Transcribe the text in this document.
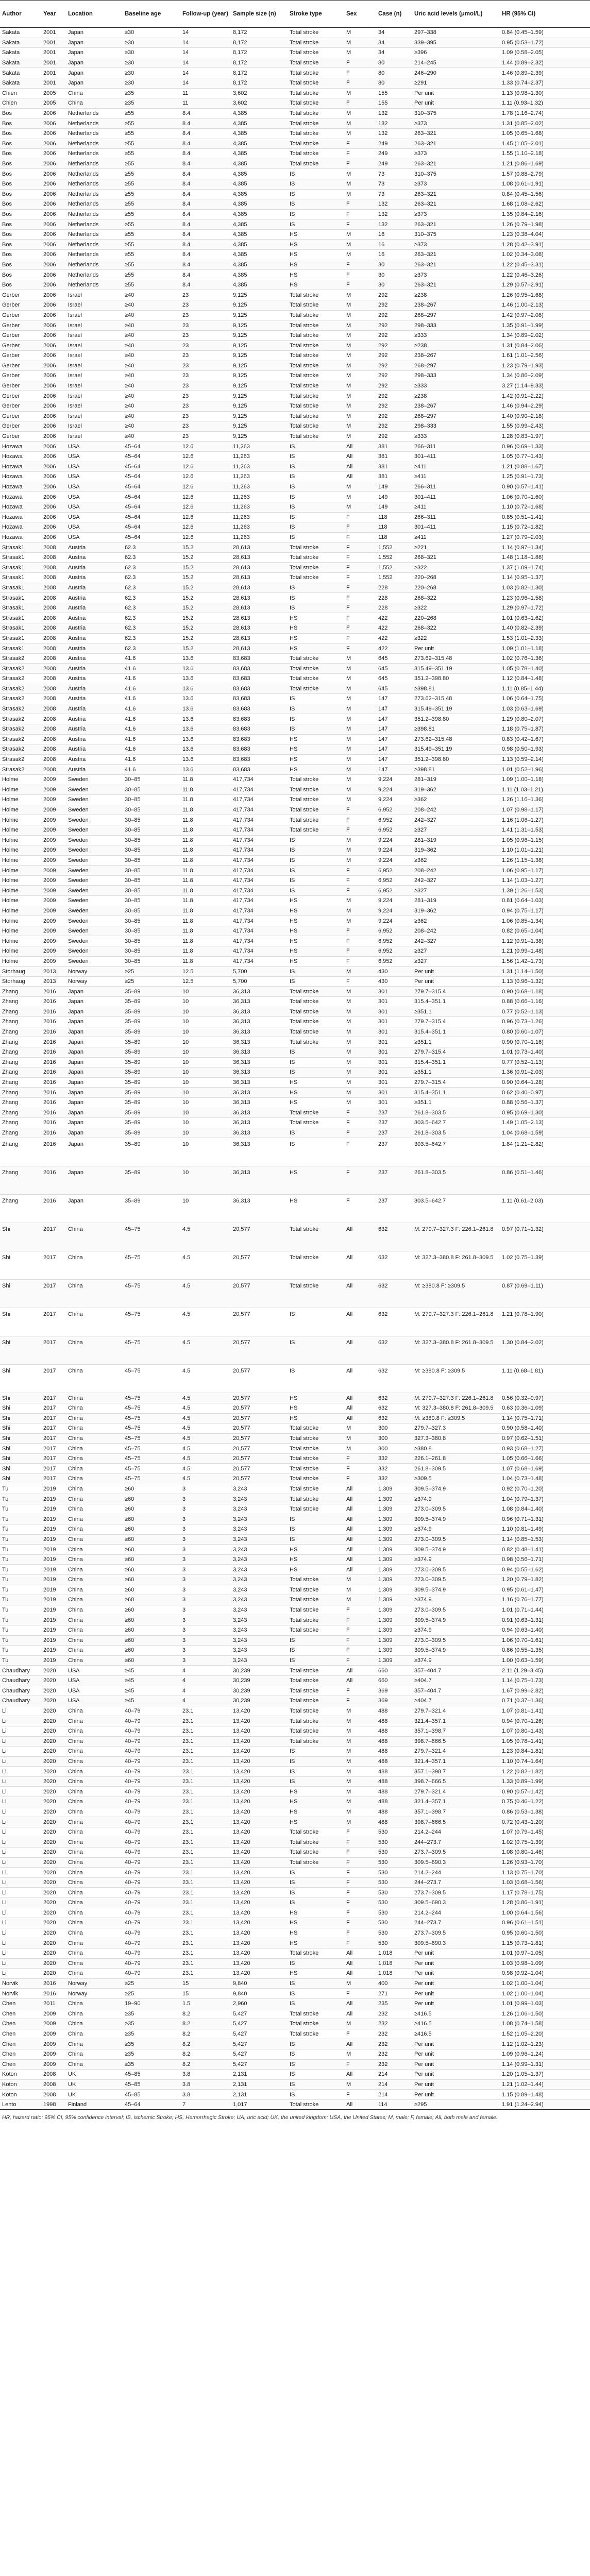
Author	Year	Location	Baseline age	Follow-up (year)	Sample size (n)	Stroke type	Sex	Case (n)	Uric acid levels (μmol/L)	HR (95% CI)
Sakata	2001	Japan	≥30	14	8,172	Total stroke	M	34	297–338	0.84 (0.45–1.59)
Sakata	2001	Japan	≥30	14	8,172	Total stroke	M	34	339–395	0.95 (0.53–1.72)
Sakata	2001	Japan	≥30	14	8,172	Total stroke	M	34	≥396	1.09 (0.58–2.05)
Sakata	2001	Japan	≥30	14	8,172	Total stroke	F	80	214–245	1.44 (0.89–2.32)
Sakata	2001	Japan	≥30	14	8,172	Total stroke	F	80	246–290	1.46 (0.89–2.39)
Sakata	2001	Japan	≥30	14	8,172	Total stroke	F	80	≥291	1.33 (0.74–2.37)
Chien	2005	China	≥35	11	3,602	Total stroke	M	155	Per unit	1.13 (0.98–1.30)
Chien	2005	China	≥35	11	3,602	Total stroke	F	155	Per unit	1.11 (0.93–1.32)
Bos	2006	Netherlands	≥55	8.4	4,385	Total stroke	M	132	310–375	1.78 (1.16–2.74)
Bos	2006	Netherlands	≥55	8.4	4,385	Total stroke	M	132	≥373	1.31 (0.85–2.02)
Bos	2006	Netherlands	≥55	8.4	4,385	Total stroke	M	132	263–321	1.05 (0.65–1.68)
Bos	2006	Netherlands	≥55	8.4	4,385	Total stroke	F	249	263–321	1.45 (1.05–2.01)
Bos	2006	Netherlands	≥55	8.4	4,385	Total stroke	F	249	≥373	1.55 (1.10–2.18)
Bos	2006	Netherlands	≥55	8.4	4,385	Total stroke	F	249	263–321	1.21 (0.86–1.69)
Bos	2006	Netherlands	≥55	8.4	4,385	IS	M	73	310–375	1.57 (0.88–2.79)
Bos	2006	Netherlands	≥55	8.4	4,385	IS	M	73	≥373	1.08 (0.61–1.91)
Bos	2006	Netherlands	≥55	8.4	4,385	IS	M	73	263–321	0.84 (0.45–1.56)
Bos	2006	Netherlands	≥55	8.4	4,385	IS	F	132	263–321	1.68 (1.08–2.62)
Bos	2006	Netherlands	≥55	8.4	4,385	IS	F	132	≥373	1.35 (0.84–2.16)
Bos	2006	Netherlands	≥55	8.4	4,385	IS	F	132	263–321	1.26 (0.79–1.98)
Bos	2006	Netherlands	≥55	8.4	4,385	HS	M	16	310–375	1.23 (0.38–4.04)
Bos	2006	Netherlands	≥55	8.4	4,385	HS	M	16	≥373	1.28 (0.42–3.91)
Bos	2006	Netherlands	≥55	8.4	4,385	HS	M	16	263–321	1.02 (0.34–3.08)
Bos	2006	Netherlands	≥55	8.4	4,385	HS	F	30	263–321	1.22 (0.45–3.31)
Bos	2006	Netherlands	≥55	8.4	4,385	HS	F	30	≥373	1.22 (0.46–3.26)
Bos	2006	Netherlands	≥55	8.4	4,385	HS	F	30	263–321	1.29 (0.57–2.91)
Gerber	2006	Israel	≥40	23	9,125	Total stroke	M	292	≥238	1.26 (0.95–1.68)
Gerber	2006	Israel	≥40	23	9,125	Total stroke	M	292	238–267	1.46 (1.00–2.13)
Gerber	2006	Israel	≥40	23	9,125	Total stroke	M	292	268–297	1.42 (0.97–2.08)
Gerber	2006	Israel	≥40	23	9,125	Total stroke	M	292	298–333	1.35 (0.91–1.99)
Gerber	2006	Israel	≥40	23	9,125	Total stroke	M	292	≥333	1.34 (0.89–2.02)
Gerber	2006	Israel	≥40	23	9,125	Total stroke	M	292	≥238	1.31 (0.84–2.06)
Gerber	2006	Israel	≥40	23	9,125	Total stroke	M	292	238–267	1.61 (1.01–2.56)
Gerber	2006	Israel	≥40	23	9,125	Total stroke	M	292	268–297	1.23 (0.79–1.93)
Gerber	2006	Israel	≥40	23	9,125	Total stroke	M	292	298–333	1.34 (0.86–2.09)
Gerber	2006	Israel	≥40	23	9,125	Total stroke	M	292	≥333	3.27 (1.14–9.33)
Gerber	2006	Israel	≥40	23	9,125	Total stroke	M	292	≥238	1.42 (0.91–2.22)
Gerber	2006	Israel	≥40	23	9,125	Total stroke	M	292	238–267	1.46 (0.94–2.29)
Gerber	2006	Israel	≥40	23	9,125	Total stroke	M	292	268–297	1.40 (0.90–2.18)
Gerber	2006	Israel	≥40	23	9,125	Total stroke	M	292	298–333	1.55 (0.99–2.43)
Gerber	2006	Israel	≥40	23	9,125	Total stroke	M	292	≥333	1.28 (0.83–1.97)
Hozawa	2006	USA	45–64	12.6	11,263	IS	All	381	266–311	0.96 (0.69–1.33)
Hozawa	2006	USA	45–64	12.6	11,263	IS	All	381	301–411	1.05 (0.77–1.43)
Hozawa	2006	USA	45–64	12.6	11,263	IS	All	381	≥411	1.21 (0.88–1.67)
Hozawa	2006	USA	45–64	12.6	11,263	IS	All	381	≥411	1.25 (0.91–1.73)
Hozawa	2006	USA	45–64	12.6	11,263	IS	M	149	266–311	0.90 (0.57–1.41)
Hozawa	2006	USA	45–64	12.6	11,263	IS	M	149	301–411	1.06 (0.70–1.60)
Hozawa	2006	USA	45–64	12.6	11,263	IS	M	149	≥411	1.10 (0.72–1.68)
Hozawa	2006	USA	45–64	12.6	11,263	IS	F	118	266–311	0.85 (0.51–1.41)
Hozawa	2006	USA	45–64	12.6	11,263	IS	F	118	301–411	1.15 (0.72–1.82)
Hozawa	2006	USA	45–64	12.6	11,263	IS	F	118	≥411	1.27 (0.79–2.03)
Strasak1	2008	Austria	62.3	15.2	28,613	Total stroke	F	1,552	≥221	1.14 (0.97–1.34)
Strasak1	2008	Austria	62.3	15.2	28,613	Total stroke	F	1,552	268–321	1.48 (1.18–1.86)
Strasak1	2008	Austria	62.3	15.2	28,613	Total stroke	F	1,552	≥322	1.37 (1.09–1.74)
Strasak1	2008	Austria	62.3	15.2	28,613	Total stroke	F	1,552	220–268	1.14 (0.95–1.37)
Strasak1	2008	Austria	62.3	15.2	28,613	IS	F	228	220–268	1.03 (0.82–1.30)
Strasak1	2008	Austria	62.3	15.2	28,613	IS	F	228	268–322	1.23 (0.96–1.58)
Strasak1	2008	Austria	62.3	15.2	28,613	IS	F	228	≥322	1.29 (0.97–1.72)
Strasak1	2008	Austria	62.3	15.2	28,613	HS	F	422	220–268	1.01 (0.63–1.62)
Strasak1	2008	Austria	62.3	15.2	28,613	HS	F	422	268–322	1.40 (0.82–2.39)
Strasak1	2008	Austria	62.3	15.2	28,613	HS	F	422	≥322	1.53 (1.01–2.33)
Strasak1	2008	Austria	62.3	15.2	28,613	HS	F	422	Per unit	1.09 (1.01–1.18)
Strasak2	2008	Austria	41.6	13.6	83,683	Total stroke	M	645	273.62–315.48	1.02 (0.76–1.36)
Strasak2	2008	Austria	41.6	13.6	83,683	Total stroke	M	645	315.49–351.19	1.05 (0.78–1.40)
Strasak2	2008	Austria	41.6	13.6	83,683	Total stroke	M	645	351.2–398.80	1.12 (0.84–1.48)
Strasak2	2008	Austria	41.6	13.6	83,683	Total stroke	M	645	≥398.81	1.11 (0.85–1.44)
Strasak2	2008	Austria	41.6	13.6	83,683	IS	M	147	273.62–315.48	1.06 (0.64–1.75)
Strasak2	2008	Austria	41.6	13.6	83,683	IS	M	147	315.49–351.19	1.03 (0.63–1.69)
Strasak2	2008	Austria	41.6	13.6	83,683	IS	M	147	351.2–398.80	1.29 (0.80–2.07)
Strasak2	2008	Austria	41.6	13.6	83,683	IS	M	147	≥398.81	1.18 (0.75–1.87)
Strasak2	2008	Austria	41.6	13.6	83,683	HS	M	147	273.62–315.48	0.83 (0.42–1.67)
Strasak2	2008	Austria	41.6	13.6	83,683	HS	M	147	315.49–351.19	0.98 (0.50–1.93)
Strasak2	2008	Austria	41.6	13.6	83,683	HS	M	147	351.2–398.80	1.13 (0.59–2.14)
Strasak2	2008	Austria	41.6	13.6	83,683	HS	M	147	≥398.81	1.01 (0.52–1.96)
Holme	2009	Sweden	30–85	11.8	417,734	Total stroke	M	9,224	281–319	1.09 (1.00–1.18)
Holme	2009	Sweden	30–85	11.8	417,734	Total stroke	M	9,224	319–362	1.11 (1.03–1.21)
Holme	2009	Sweden	30–85	11.8	417,734	Total stroke	M	9,224	≥362	1.26 (1.16–1.36)
Holme	2009	Sweden	30–85	11.8	417,734	Total stroke	F	6,952	208–242	1.07 (0.98–1.17)
Holme	2009	Sweden	30–85	11.8	417,734	Total stroke	F	6,952	242–327	1.16 (1.06–1.27)
Holme	2009	Sweden	30–85	11.8	417,734	Total stroke	F	6,952	≥327	1.41 (1.31–1.53)
Holme	2009	Sweden	30–85	11.8	417,734	IS	M	9,224	281–319	1.05 (0.96–1.15)
Holme	2009	Sweden	30–85	11.8	417,734	IS	M	9,224	319–362	1.10 (1.01–1.21)
Holme	2009	Sweden	30–85	11.8	417,734	IS	M	9,224	≥362	1.26 (1.15–1.38)
Holme	2009	Sweden	30–85	11.8	417,734	IS	F	6,952	208–242	1.06 (0.95–1.17)
Holme	2009	Sweden	30–85	11.8	417,734	IS	F	6,952	242–327	1.14 (1.03–1.27)
Holme	2009	Sweden	30–85	11.8	417,734	IS	F	6,952	≥327	1.39 (1.26–1.53)
Holme	2009	Sweden	30–85	11.8	417,734	HS	M	9,224	281–319	0.81 (0.64–1.03)
Holme	2009	Sweden	30–85	11.8	417,734	HS	M	9,224	319–362	0.94 (0.75–1.17)
Holme	2009	Sweden	30–85	11.8	417,734	HS	M	9,224	≥362	1.06 (0.85–1.34)
Holme	2009	Sweden	30–85	11.8	417,734	HS	F	6,952	208–242	0.82 (0.65–1.04)
Holme	2009	Sweden	30–85	11.8	417,734	HS	F	6,952	242–327	1.12 (0.91–1.38)
Holme	2009	Sweden	30–85	11.8	417,734	HS	F	6,952	≥327	1.21 (0.99–1.48)
Holme	2009	Sweden	30–85	11.8	417,734	HS	F	6,952	≥327	1.56 (1.42–1.73)
Storhaug	2013	Norway	≥25	12.5	5,700	IS	M	430	Per unit	1.31 (1.14–1.50)
Storhaug	2013	Norway	≥25	12.5	5,700	IS	F	430	Per unit	1.13 (0.96–1.32)
Zhang	2016	Japan	35–89	10	36,313	Total stroke	M	301	279.7–315.4	0.90 (0.68–1.18)
Zhang	2016	Japan	35–89	10	36,313	Total stroke	M	301	315.4–351.1	0.88 (0.66–1.16)
Zhang	2016	Japan	35–89	10	36,313	Total stroke	M	301	≥351.1	0.77 (0.52–1.13)
Zhang	2016	Japan	35–89	10	36,313	Total stroke	M	301	279.7–315.4	0.96 (0.73–1.26)
Zhang	2016	Japan	35–89	10	36,313	Total stroke	M	301	315.4–351.1	0.80 (0.60–1.07)
Zhang	2016	Japan	35–89	10	36,313	Total stroke	M	301	≥351.1	0.90 (0.70–1.16)
Zhang	2016	Japan	35–89	10	36,313	IS	M	301	279.7–315.4	1.01 (0.73–1.40)
Zhang	2016	Japan	35–89	10	36,313	IS	M	301	315.4–351.1	0.77 (0.52–1.13)
Zhang	2016	Japan	35–89	10	36,313	IS	M	301	≥351.1	1.36 (0.91–2.03)
Zhang	2016	Japan	35–89	10	36,313	HS	M	301	279.7–315.4	0.90 (0.64–1.28)
Zhang	2016	Japan	35–89	10	36,313	HS	M	301	315.4–351.1	0.62 (0.40–0.97)
Zhang	2016	Japan	35–89	10	36,313	HS	M	301	≥351.1	0.88 (0.56–1.37)
Zhang	2016	Japan	35–89	10	36,313	Total stroke	F	237	261.8–303.5	0.95 (0.69–1.30)
Zhang	2016	Japan	35–89	10	36,313	Total stroke	F	237	303.5–642.7	1.49 (1.05–2.13)
Zhang	2016	Japan	35–89	10	36,313	IS	F	237	261.8–303.5	1.04 (0.68–1.59)
Zhang	2016	Japan	35–89	10	36,313	IS	F	237	303.5–642.7	1.84 (1.21–2.82)
Zhang	2016	Japan	35–89	10	36,313	HS	F	237	261.8–303.5	0.86 (0.51–1.46)
Zhang	2016	Japan	35–89	10	36,313	HS	F	237	303.5–642.7	1.11 (0.61–2.03)
Shi	2017	China	45–75	4.5	20,577	Total stroke	All	632	M: 279.7–327.3 F: 226.1–261.8	0.97 (0.71–1.32)
Shi	2017	China	45–75	4.5	20,577	Total stroke	All	632	M: 327.3–380.8 F: 261.8–309.5	1.02 (0.75–1.39)
Shi	2017	China	45–75	4.5	20,577	Total stroke	All	632	M: ≥380.8 F: ≥309.5	0.87 (0.69–1.11)
Shi	2017	China	45–75	4.5	20,577	IS	All	632	M: 279.7–327.3 F: 226.1–261.8	1.21 (0.78–1.90)
Shi	2017	China	45–75	4.5	20,577	IS	All	632	M: 327.3–380.8 F: 261.8–309.5	1.30 (0.84–2.02)
Shi	2017	China	45–75	4.5	20,577	IS	All	632	M: ≥380.8 F: ≥309.5	1.11 (0.68–1.81)
Shi	2017	China	45–75	4.5	20,577	HS	All	632	M: 279.7–327.3 F: 226.1–261.8	0.56 (0.32–0.97)
Shi	2017	China	45–75	4.5	20,577	HS	All	632	M: 327.3–380.8 F: 261.8–309.5	0.63 (0.36–1.09)
Shi	2017	China	45–75	4.5	20,577	HS	All	632	M: ≥380.8 F: ≥309.5	1.14 (0.75–1.71)
Shi	2017	China	45–75	4.5	20,577	Total stroke	M	300	279.7–327.3	0.90 (0.58–1.40)
Shi	2017	China	45–75	4.5	20,577	Total stroke	M	300	327.3–380.8	0.97 (0.62–1.51)
Shi	2017	China	45–75	4.5	20,577	Total stroke	M	300	≥380.8	0.93 (0.68–1.27)
Shi	2017	China	45–75	4.5	20,577	Total stroke	F	332	226.1–261.8	1.05 (0.66–1.66)
Shi	2017	China	45–75	4.5	20,577	Total stroke	F	332	261.8–309.5	1.07 (0.68–1.69)
Shi	2017	China	45–75	4.5	20,577	Total stroke	F	332	≥309.5	1.04 (0.73–1.48)
Tu	2019	China	≥60	3	3,243	Total stroke	All	1,309	309.5–374.9	0.92 (0.70–1.20)
Tu	2019	China	≥60	3	3,243	Total stroke	All	1,309	≥374.9	1.04 (0.79–1.37)
Tu	2019	China	≥60	3	3,243	Total stroke	All	1,309	273.0–309.5	1.08 (0.84–1.40)
Tu	2019	China	≥60	3	3,243	IS	All	1,309	309.5–374.9	0.96 (0.71–1.31)
Tu	2019	China	≥60	3	3,243	IS	All	1,309	≥374.9	1.10 (0.81–1.49)
Tu	2019	China	≥60	3	3,243	IS	All	1,309	273.0–309.5	1.14 (0.85–1.53)
Tu	2019	China	≥60	3	3,243	HS	All	1,309	309.5–374.9	0.82 (0.48–1.41)
Tu	2019	China	≥60	3	3,243	HS	All	1,309	≥374.9	0.98 (0.56–1.71)
Tu	2019	China	≥60	3	3,243	HS	All	1,309	273.0–309.5	0.94 (0.55–1.62)
Tu	2019	China	≥60	3	3,243	Total stroke	M	1,309	273.0–309.5	1.20 (0.79–1.82)
Tu	2019	China	≥60	3	3,243	Total stroke	M	1,309	309.5–374.9	0.95 (0.61–1.47)
Tu	2019	China	≥60	3	3,243	Total stroke	M	1,309	≥374.9	1.16 (0.76–1.77)
Tu	2019	China	≥60	3	3,243	Total stroke	F	1,309	273.0–309.5	1.01 (0.71–1.44)
Tu	2019	China	≥60	3	3,243	Total stroke	F	1,309	309.5–374.9	0.91 (0.63–1.31)
Tu	2019	China	≥60	3	3,243	Total stroke	F	1,309	≥374.9	0.94 (0.63–1.40)
Tu	2019	China	≥60	3	3,243	IS	F	1,309	273.0–309.5	1.06 (0.70–1.61)
Tu	2019	China	≥60	3	3,243	IS	F	1,309	309.5–374.9	0.86 (0.55–1.35)
Tu	2019	China	≥60	3	3,243	IS	F	1,309	≥374.9	1.00 (0.63–1.59)
Chaudhary	2020	USA	≥45	4	30,239	Total stroke	All	660	357–404.7	2.11 (1.29–3.45)
Chaudhary	2020	USA	≥45	4	30,239	Total stroke	All	660	≥404.7	1.14 (0.75–1.73)
Chaudhary	2020	USA	≥45	4	30,239	Total stroke	F	369	357–404.7	1.67 (0.99–2.82)
Chaudhary	2020	USA	≥45	4	30,239	Total stroke	F	369	≥404.7	0.71 (0.37–1.36)
Li	2020	China	40–79	23.1	13,420	Total stroke	M	488	279.7–321.4	1.07 (0.81–1.41)
Li	2020	China	40–79	23.1	13,420	Total stroke	M	488	321.4–357.1	0.94 (0.70–1.26)
Li	2020	China	40–79	23.1	13,420	Total stroke	M	488	357.1–398.7	1.07 (0.80–1.43)
Li	2020	China	40–79	23.1	13,420	Total stroke	M	488	398.7–666.5	1.05 (0.78–1.41)
Li	2020	China	40–79	23.1	13,420	IS	M	488	279.7–321.4	1.23 (0.84–1.81)
Li	2020	China	40–79	23.1	13,420	IS	M	488	321.4–357.1	1.10 (0.74–1.64)
Li	2020	China	40–79	23.1	13,420	IS	M	488	357.1–398.7	1.22 (0.82–1.82)
Li	2020	China	40–79	23.1	13,420	IS	M	488	398.7–666.5	1.33 (0.89–1.99)
Li	2020	China	40–79	23.1	13,420	HS	M	488	279.7–321.4	0.90 (0.57–1.42)
Li	2020	China	40–79	23.1	13,420	HS	M	488	321.4–357.1	0.75 (0.46–1.22)
Li	2020	China	40–79	23.1	13,420	HS	M	488	357.1–398.7	0.86 (0.53–1.38)
Li	2020	China	40–79	23.1	13,420	HS	M	488	398.7–666.5	0.72 (0.43–1.20)
Li	2020	China	40–79	23.1	13,420	Total stroke	F	530	214.2–244	1.07 (0.79–1.45)
Li	2020	China	40–79	23.1	13,420	Total stroke	F	530	244–273.7	1.02 (0.75–1.39)
Li	2020	China	40–79	23.1	13,420	Total stroke	F	530	273.7–309.5	1.08 (0.80–1.46)
Li	2020	China	40–79	23.1	13,420	Total stroke	F	530	309.5–690.3	1.26 (0.93–1.70)
Li	2020	China	40–79	23.1	13,420	IS	F	530	214.2–244	1.13 (0.75–1.70)
Li	2020	China	40–79	23.1	13,420	IS	F	530	244–273.7	1.03 (0.68–1.56)
Li	2020	China	40–79	23.1	13,420	IS	F	530	273.7–309.5	1.17 (0.78–1.75)
Li	2020	China	40–79	23.1	13,420	IS	F	530	309.5–690.3	1.28 (0.86–1.91)
Li	2020	China	40–79	23.1	13,420	HS	F	530	214.2–244	1.00 (0.64–1.56)
Li	2020	China	40–79	23.1	13,420	HS	F	530	244–273.7	0.96 (0.61–1.51)
Li	2020	China	40–79	23.1	13,420	HS	F	530	273.7–309.5	0.95 (0.60–1.50)
Li	2020	China	40–79	23.1	13,420	HS	F	530	309.5–690.3	1.15 (0.73–1.81)
Li	2020	China	40–79	23.1	13,420	Total stroke	All	1,018	Per unit	1.01 (0.97–1.05)
Li	2020	China	40–79	23.1	13,420	IS	All	1,018	Per unit	1.03 (0.98–1.09)
Li	2020	China	40–79	23.1	13,420	HS	All	1,018	Per unit	0.98 (0.92–1.04)
Norvik	2016	Norway	≥25	15	9,840	IS	M	400	Per unit	1.02 (1.00–1.04)
Norvik	2016	Norway	≥25	15	9,840	IS	F	271	Per unit	1.02 (1.00–1.04)
Chen	2011	China	19–90	1.5	2,960	IS	All	235	Per unit	1.01 (0.99–1.03)
Chen	2009	China	≥35	8.2	5,427	Total stroke	All	232	≥416.5	1.26 (1.06–1.50)
Chen	2009	China	≥35	8.2	5,427	Total stroke	M	232	≥416.5	1.08 (0.74–1.58)
Chen	2009	China	≥35	8.2	5,427	Total stroke	F	232	≥416.5	1.52 (1.05–2.20)
Chen	2009	China	≥35	8.2	5,427	IS	All	232	Per unit	1.12 (1.02–1.23)
Chen	2009	China	≥35	8.2	5,427	IS	M	232	Per unit	1.09 (0.96–1.24)
Chen	2009	China	≥35	8.2	5,427	IS	F	232	Per unit	1.14 (0.99–1.31)
Koton	2008	UK	45–85	3.8	2,131	IS	All	214	Per unit	1.20 (1.05–1.37)
Koton	2008	UK	45–85	3.8	2,131	IS	M	214	Per unit	1.21 (1.02–1.44)
Koton	2008	UK	45–85	3.8	2,131	IS	F	214	Per unit	1.15 (0.89–1.48)
Lehto	1998	Finland	45–64	7	1,017	Total stroke	All	114	≥295	1.91 (1.24–2.94)
HR, hazard ratio; 95% CI, 95% confidence interval; IS, ischemic Stroke; HS, Hemorrhagic Stroke; UA, uric acid; UK, the united kingdom; USA, the United States; M, male; F, female; All, both male and female.
